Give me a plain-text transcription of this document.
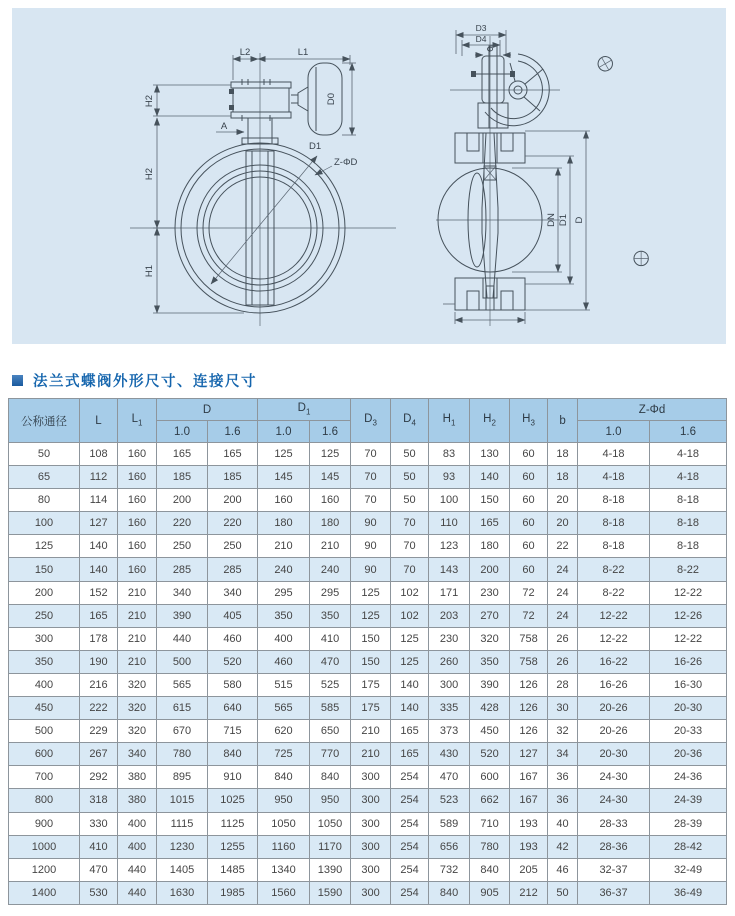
L2	L1
H2
A
H2
H1
D0
D1
Z-ΦD
D3
D4
Φ
DN D1 D
法兰式蝶阀外形尺寸、连接尺寸
公称通径	L	$L_1$	D		$D_1$		$D_3$	$D_4$	$H_1$	$H_2$	$H_3$	b	Z-Φd	
			1.0	1.6	1.0	1.6							1.0	1.6
50	108	160	165	165	125	125	70	50	83	130	60	18	4-18	4-18
65	112	160	185	185	145	145	70	50	93	140	60	18	4-18	4-18
80	114	160	200	200	160	160	70	50	100	150	60	20	8-18	8-18
100	127	160	220	220	180	180	90	70	110	165	60	20	8-18	8-18
125	140	160	250	250	210	210	90	70	123	180	60	22	8-18	8-18
150	140	160	285	285	240	240	90	70	143	200	60	24	8-22	8-22
200	152	210	340	340	295	295	125	102	171	230	72	24	8-22	12-22
250	165	210	390	405	350	350	125	102	203	270	72	24	12-22	12-26
300	178	210	440	460	400	410	150	125	230	320	758	26	12-22	12-22
350	190	210	500	520	460	470	150	125	260	350	758	26	16-22	16-26
400	216	320	565	580	515	525	175	140	300	390	126	28	16-26	16-30
450	222	320	615	640	565	585	175	140	335	428	126	30	20-26	20-30
500	229	320	670	715	620	650	210	165	373	450	126	32	20-26	20-33
600	267	340	780	840	725	770	210	165	430	520	127	34	20-30	20-36
700	292	380	895	910	840	840	300	254	470	600	167	36	24-30	24-36
800	318	380	1015	1025	950	950	300	254	523	662	167	36	24-30	24-39
900	330	400	1115	1125	1050	1050	300	254	589	710	193	40	28-33	28-39
1000	410	400	1230	1255	1160	1170	300	254	656	780	193	42	28-36	28-42
1200	470	440	1405	1485	1340	1390	300	254	732	840	205	46	32-37	32-49
1400	530	440	1630	1985	1560	1590	300	254	840	905	212	50	36-37	36-49
